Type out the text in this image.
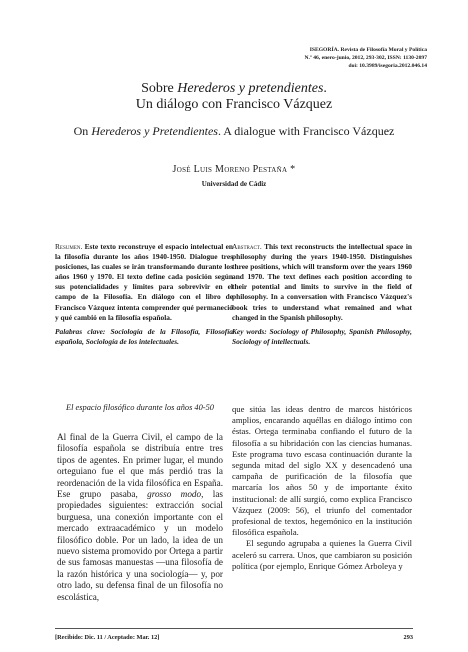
ISEGORÍA. Revista de Filosofía Moral y Política
N.º 46, enero-junio, 2012, 293-302, ISSN: 1130-2097
doi: 10.3989/isegoria.2012.046.14
Sobre Herederos y pretendientes.
Un diálogo con Francisco Vázquez
On Herederos y Pretendientes. A dialogue with Francisco Vázquez
José Luis Moreno Pestaña *
Universidad de Cádiz

Resumen. Este texto reconstruye el espacio intelectual en la filosofía durante los años 1940-1950. Dialogue tres posiciones, las cuales se irán transformando durante los años 1960 y 1970. El texto define cada posición según sus potencialidades y límites para sobrevivir en el campo de la Filosofía. En diálogo con el libro de Francisco Vázquez intenta comprender qué permaneció y qué cambió en la filosofía española.

Palabras clave: Sociología de la Filosofía, Filosofía española, Sociología de los intelectuales.

Abstract. This text reconstructs the intellectual space in philosophy during the years 1940-1950. Distinguishes three positions, which will transform over the years 1960 and 1970. The text defines each position according to their potential and limits to survive in the field of philosophy. In a conversation with Francisco Vázquez's book tries to understand what remained and what changed in the Spanish philosophy.

Key words: Sociology of Philosophy, Spanish Philosophy, Sociology of intellectuals.

El espacio filosófico durante los años 40-50

Al final de la Guerra Civil, el campo de la filosofía española se distribuía entre tres tipos de agentes. En primer lugar, el mundo orteguiano fue el que más perdió tras la reordenación de la vida filosófica en España. Ese grupo pasaba, grosso modo, las propiedades siguientes: extracción social burguesa, una conexión importante con el mercado extraacadémico y un modelo filosófico doble. Por un lado, la idea de un nuevo sistema promovido por Ortega a partir de sus famosas manuestas —una filosofía de la razón histórica y una sociología— y, por otro lado, su defensa final de un filosofía no escolástica,

que sitúa las ideas dentro de marcos históricos amplios, encarando aquéllas en diálogo íntimo con éstas. Ortega terminaba confiando el futuro de la filosofía a su hibridación con las ciencias humanas. Este programa tuvo escasa continuación durante la segunda mitad del siglo XX y desencadenó una campaña de purificación de la filosofía que marcaría los años 50 y de importante éxito institucional: de allí surgió, como explica Francisco Vázquez (2009: 56), el triunfo del comentador profesional de textos, hegemónico en la institución filosófica española.

El segundo agrupaba a quienes la Guerra Civil aceleró su carrera. Unos, que cambiaron su posición política (por ejemplo, Enrique Gómez Arboleya y

[Recibido: Dic. 11 / Aceptado: Mar. 12]	293
